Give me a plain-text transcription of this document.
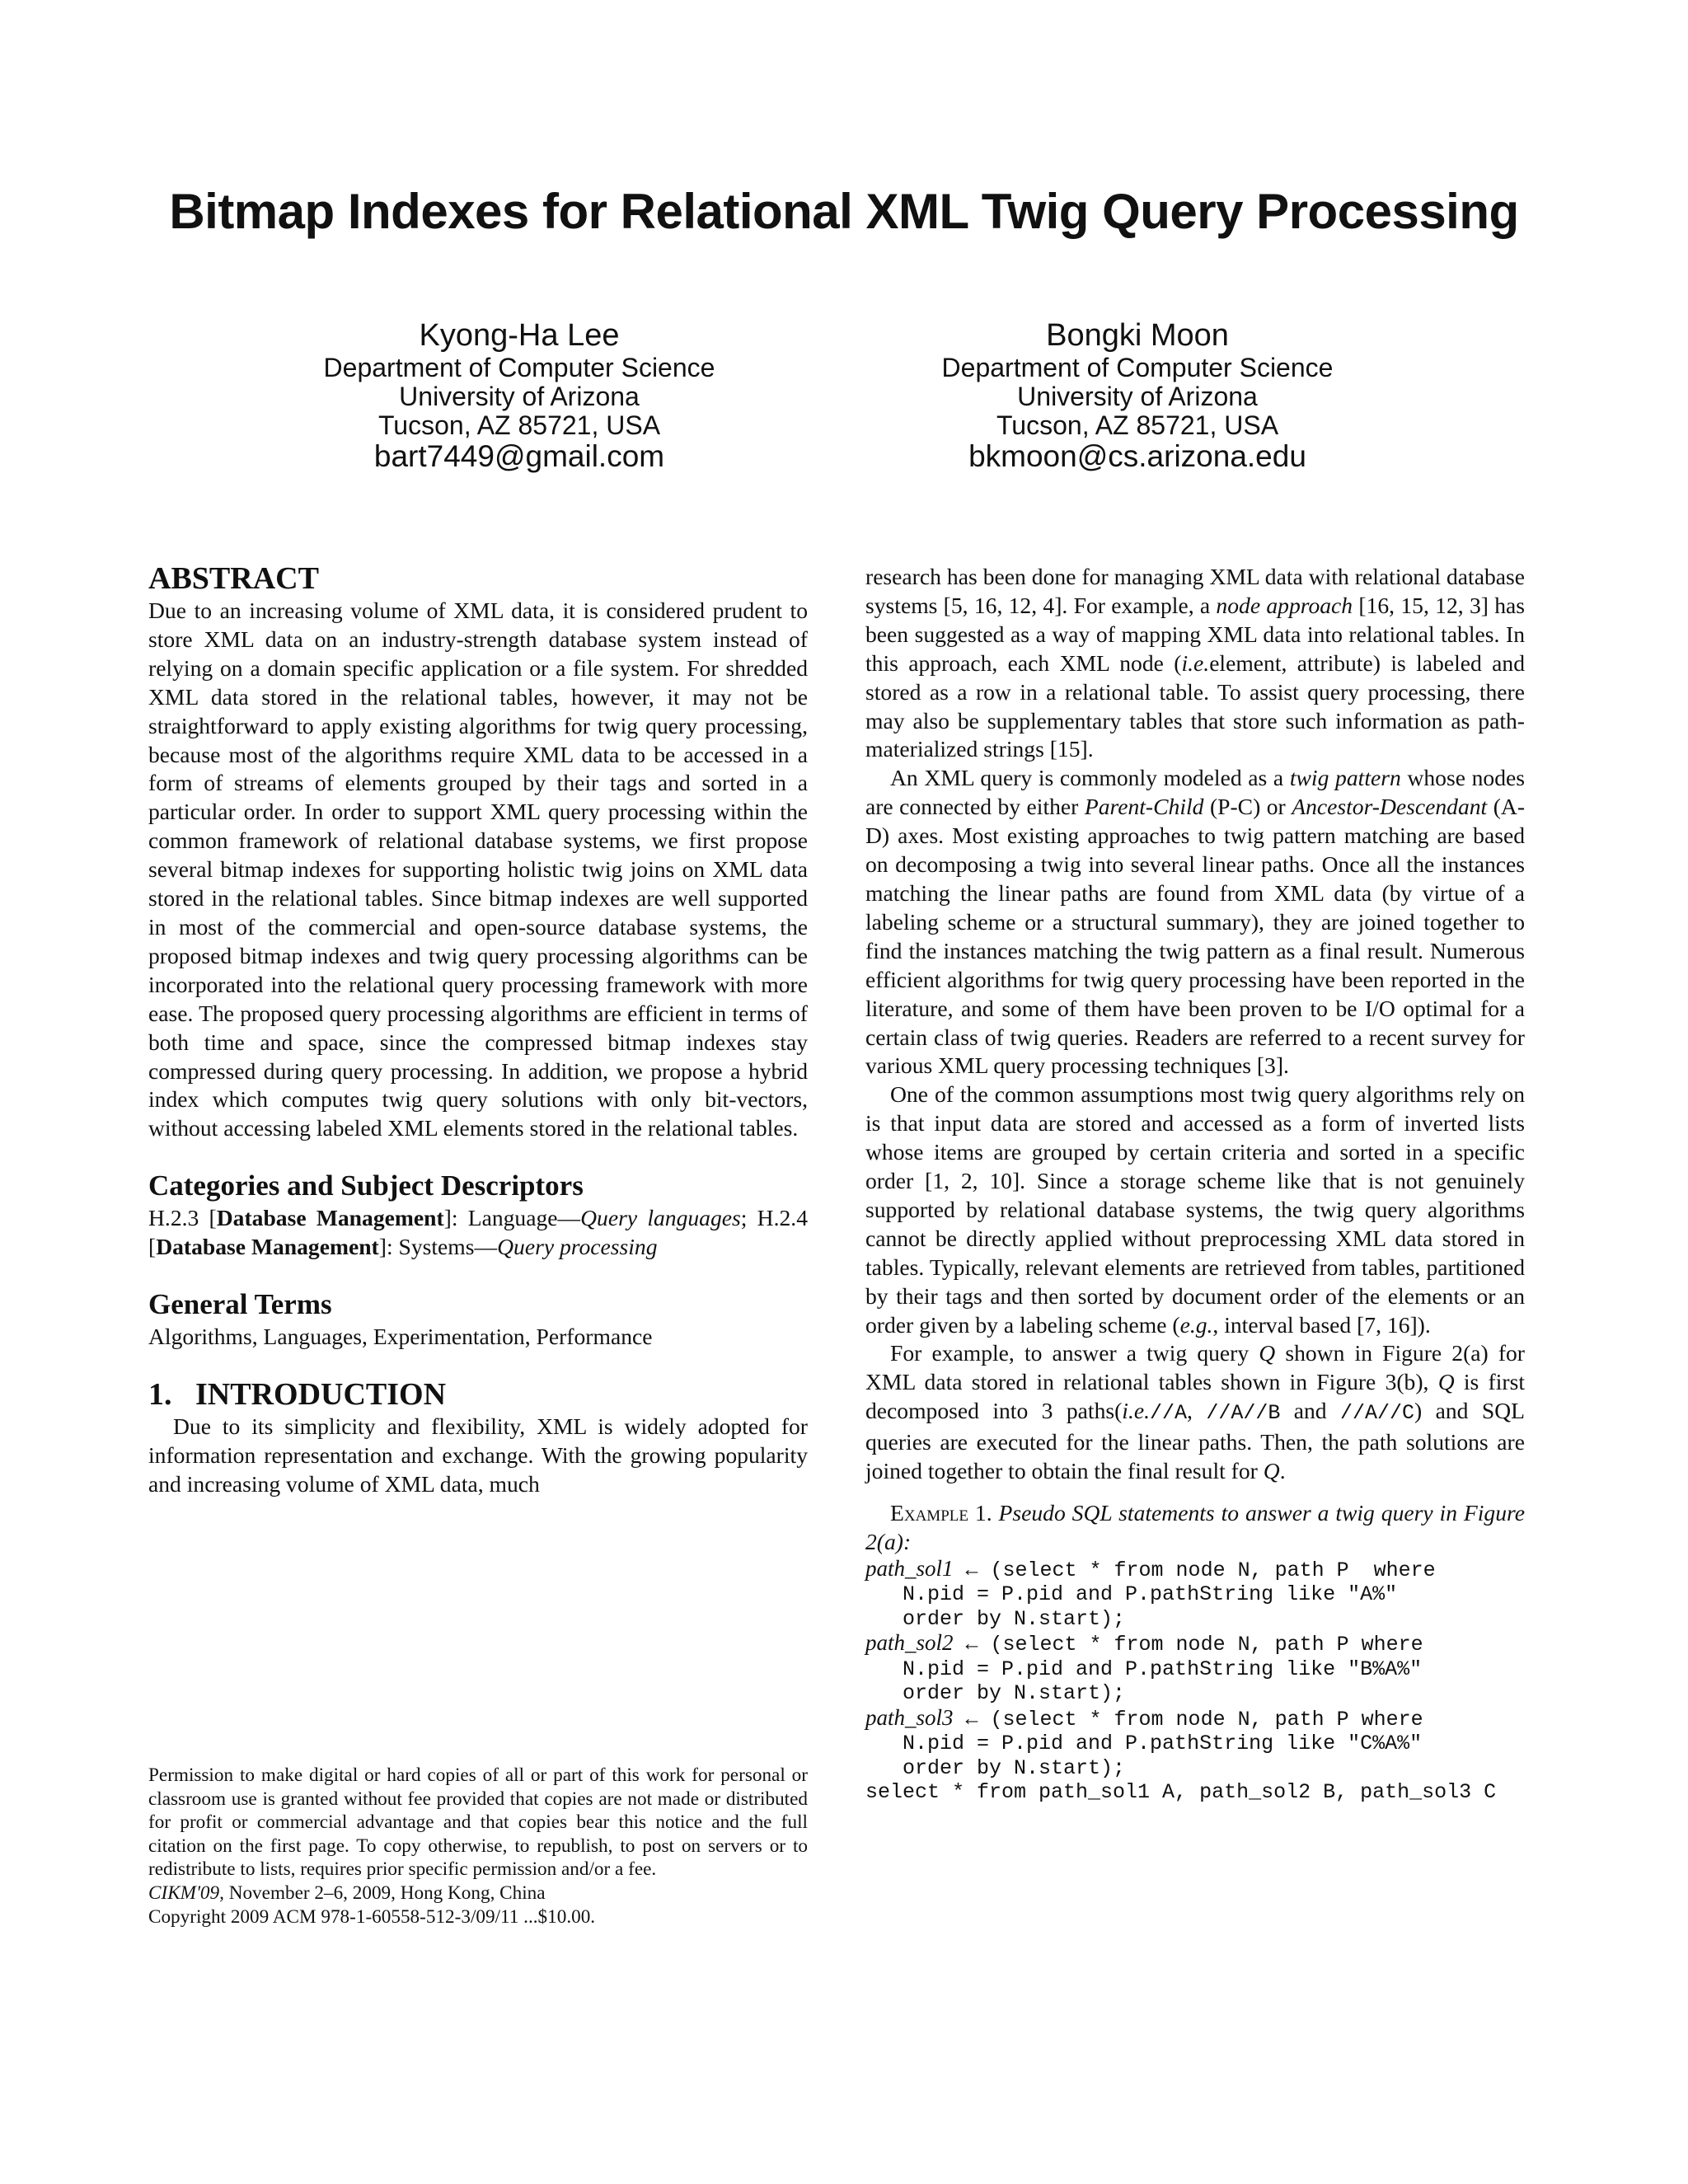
Bitmap Indexes for Relational XML Twig Query Processing
Kyong-Ha Lee
Department of Computer Science
University of Arizona
Tucson, AZ 85721, USA
bart7449@gmail.com
Bongki Moon
Department of Computer Science
University of Arizona
Tucson, AZ 85721, USA
bkmoon@cs.arizona.edu
ABSTRACT

Due to an increasing volume of XML data, it is considered prudent to store XML data on an industry-strength database system instead of relying on a domain specific application or a file system. For shredded XML data stored in the relational tables, however, it may not be straightforward to apply existing algorithms for twig query processing, because most of the algorithms require XML data to be accessed in a form of streams of elements grouped by their tags and sorted in a particular order. In order to support XML query processing within the common framework of relational database systems, we first propose several bitmap indexes for supporting holistic twig joins on XML data stored in the relational tables. Since bitmap indexes are well supported in most of the commercial and open-source database systems, the proposed bitmap indexes and twig query processing algorithms can be incorporated into the relational query processing framework with more ease. The proposed query processing algorithms are efficient in terms of both time and space, since the compressed bitmap indexes stay compressed during query processing. In addition, we propose a hybrid index which computes twig query solutions with only bit-vectors, without accessing labeled XML elements stored in the relational tables.

Categories and Subject Descriptors

H.2.3 [Database Management]: Language—Query languages; H.2.4 [Database Management]: Systems—Query processing

General Terms

Algorithms, Languages, Experimentation, Performance

1.   INTRODUCTION

Due to its simplicity and flexibility, XML is widely adopted for information representation and exchange. With the growing popularity and increasing volume of XML data, much

Permission to make digital or hard copies of all or part of this work for personal or classroom use is granted without fee provided that copies are not made or distributed for profit or commercial advantage and that copies bear this notice and the full citation on the first page. To copy otherwise, to republish, to post on servers or to redistribute to lists, requires prior specific permission and/or a fee.

CIKM'09, November 2–6, 2009, Hong Kong, China
Copyright 2009 ACM 978-1-60558-512-3/09/11 ...$10.00.

research has been done for managing XML data with relational database systems [5, 16, 12, 4]. For example, a node approach [16, 15, 12, 3] has been suggested as a way of mapping XML data into relational tables. In this approach, each XML node (i.e.element, attribute) is labeled and stored as a row in a relational table. To assist query processing, there may also be supplementary tables that store such information as path-materialized strings [15].

An XML query is commonly modeled as a twig pattern whose nodes are connected by either Parent-Child (P-C) or Ancestor-Descendant (A-D) axes. Most existing approaches to twig pattern matching are based on decomposing a twig into several linear paths. Once all the instances matching the linear paths are found from XML data (by virtue of a labeling scheme or a structural summary), they are joined together to find the instances matching the twig pattern as a final result. Numerous efficient algorithms for twig query processing have been reported in the literature, and some of them have been proven to be I/O optimal for a certain class of twig queries. Readers are referred to a recent survey for various XML query processing techniques [3].

One of the common assumptions most twig query algorithms rely on is that input data are stored and accessed as a form of inverted lists whose items are grouped by certain criteria and sorted in a specific order [1, 2, 10]. Since a storage scheme like that is not genuinely supported by relational database systems, the twig query algorithms cannot be directly applied without preprocessing XML data stored in tables. Typically, relevant elements are retrieved from tables, partitioned by their tags and then sorted by document order of the elements or an order given by a labeling scheme (e.g., interval based [7, 16]).

For example, to answer a twig query Q shown in Figure 2(a) for XML data stored in relational tables shown in Figure 3(b), Q is first decomposed into 3 paths(i.e.//A, //A//B and //A//C) and SQL queries are executed for the linear paths. Then, the path solutions are joined together to obtain the final result for Q.

Example 1. Pseudo SQL statements to answer a twig query in Figure 2(a):

path_sol1 ← (select * from node N, path P  where
N.pid = P.pid and P.pathString like "A%"
order by N.start);
path_sol2 ← (select * from node N, path P where
N.pid = P.pid and P.pathString like "B%A%"
order by N.start);
path_sol3 ← (select * from node N, path P where
N.pid = P.pid and P.pathString like "C%A%"
order by N.start);
select * from path_sol1 A, path_sol2 B, path_sol3 C
